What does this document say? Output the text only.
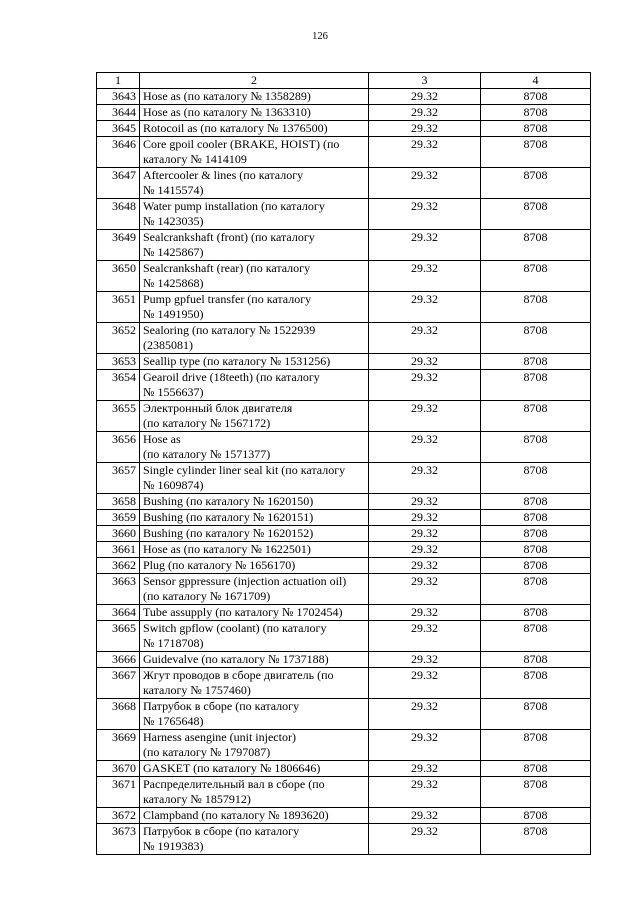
126
1	2	3	4
3643	Hose as (по каталогу № 1358289)	29.32	8708
3644	Hose as (по каталогу № 1363310)	29.32	8708
3645	Rotocoil as (по каталогу № 1376500)	29.32	8708
3646	Core gpoil cooler (BRAKE, HOIST) (по
каталогу № 1414109	29.32	8708
3647	Aftercooler & lines (по каталогу
№ 1415574)	29.32	8708
3648	Water pump installation (по каталогу
№ 1423035)	29.32	8708
3649	Sealcrankshaft (front) (по каталогу
№ 1425867)	29.32	8708
3650	Sealcrankshaft (rear) (по каталогу
№ 1425868)	29.32	8708
3651	Pump gpfuel transfer (по каталогу
№ 1491950)	29.32	8708
3652	Sealoring (по каталогу № 1522939
(2385081)	29.32	8708
3653	Seallip type (по каталогу № 1531256)	29.32	8708
3654	Gearoil drive (18teeth) (по каталогу
№ 1556637)	29.32	8708
3655	Электронный блок двигателя
(по каталогу № 1567172)	29.32	8708
3656	Hose as
(по каталогу № 1571377)	29.32	8708
3657	Single cylinder liner seal kit (по каталогу
№ 1609874)	29.32	8708
3658	Bushing (по каталогу № 1620150)	29.32	8708
3659	Bushing (по каталогу № 1620151)	29.32	8708
3660	Bushing (по каталогу № 1620152)	29.32	8708
3661	Hose as (по каталогу № 1622501)	29.32	8708
3662	Plug (по каталогу № 1656170)	29.32	8708
3663	Sensor gppressure (injection actuation oil)
(по каталогу № 1671709)	29.32	8708
3664	Tube assupply (по каталогу № 1702454)	29.32	8708
3665	Switch gpflow (coolant) (по каталогу
№ 1718708)	29.32	8708
3666	Guidevalve (по каталогу № 1737188)	29.32	8708
3667	Жгут проводов в сборе двигатель (по
каталогу № 1757460)	29.32	8708
3668	Патрубок в сборе (по каталогу
№ 1765648)	29.32	8708
3669	Harness asengine (unit injector)
(по каталогу № 1797087)	29.32	8708
3670	GASKET (по каталогу № 1806646)	29.32	8708
3671	Распределительный вал в сборе (по
каталогу № 1857912)	29.32	8708
3672	Clampband (по каталогу № 1893620)	29.32	8708
3673	Патрубок в сборе (по каталогу
№ 1919383)	29.32	8708
